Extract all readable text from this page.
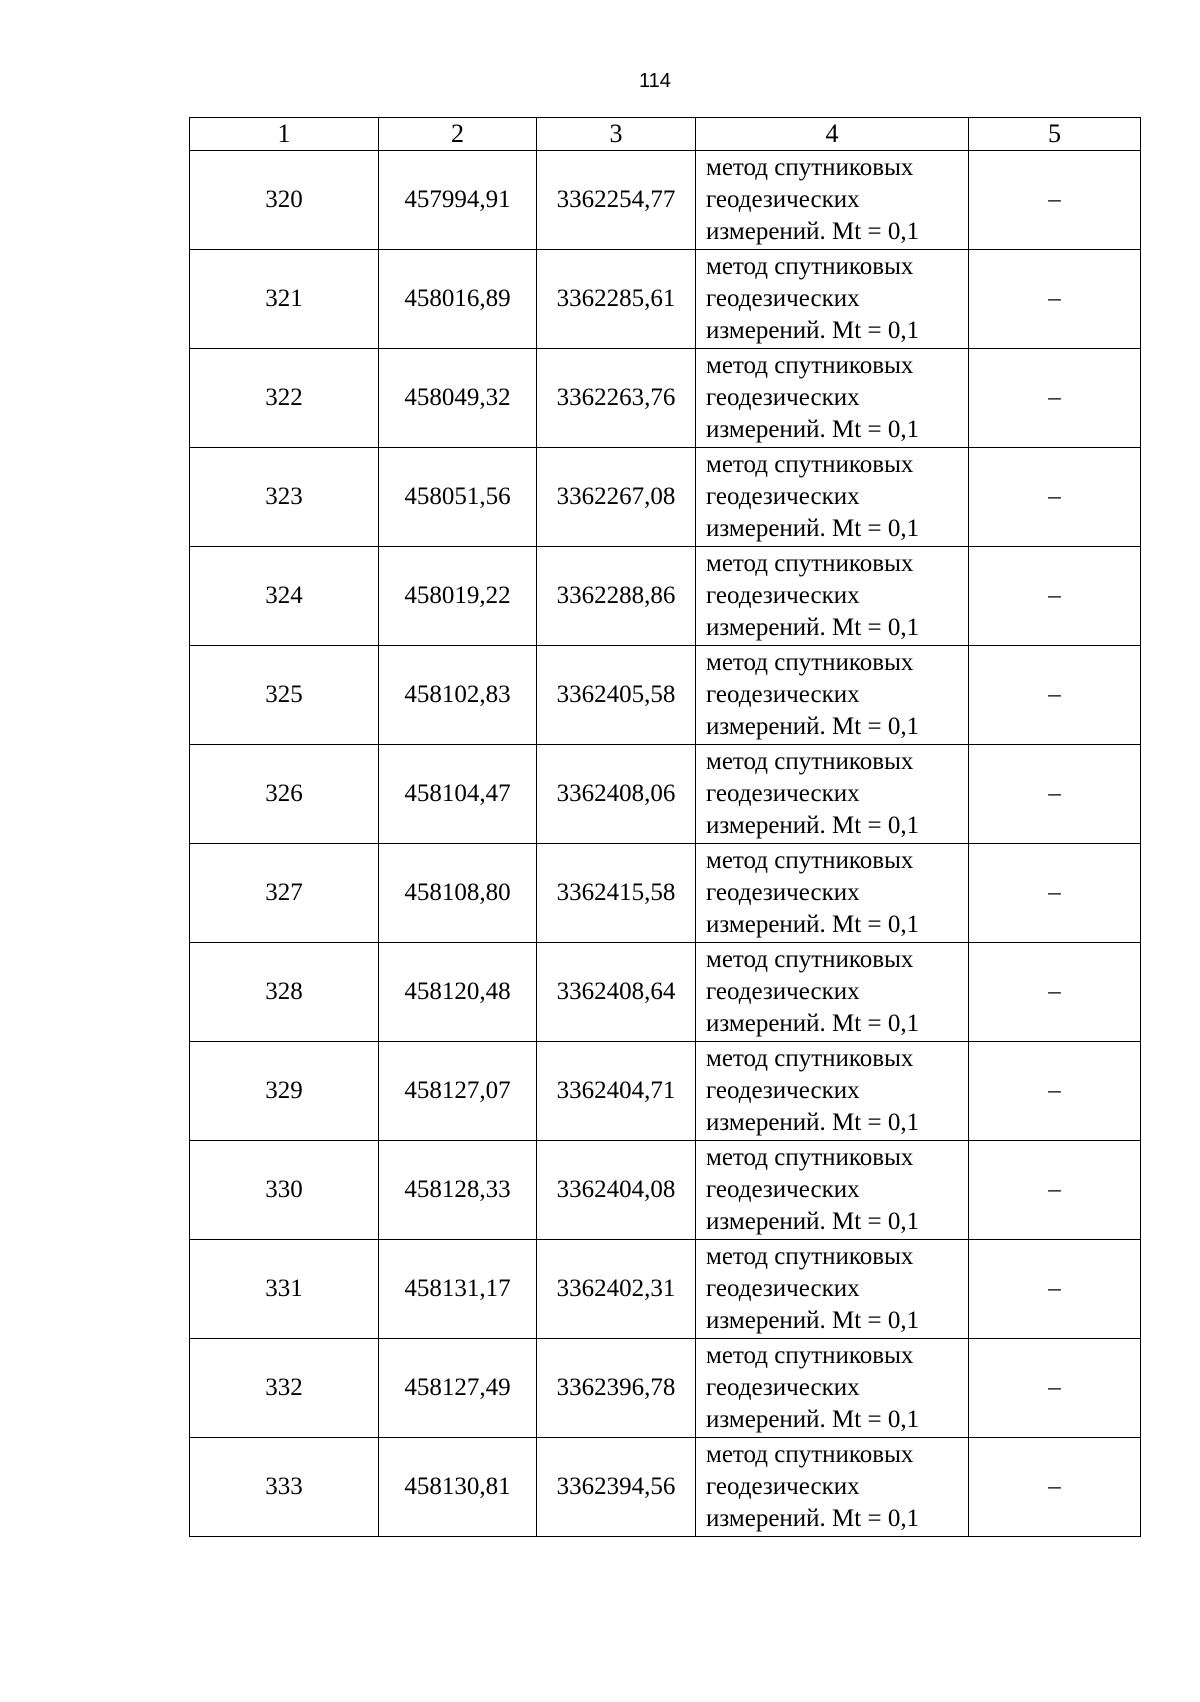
114
1	2	3	4	5
320	457994,91	3362254,77	метод спутниковых
геодезических
измерений. Mt = 0,1	–
321	458016,89	3362285,61	метод спутниковых
геодезических
измерений. Mt = 0,1	–
322	458049,32	3362263,76	метод спутниковых
геодезических
измерений. Mt = 0,1	–
323	458051,56	3362267,08	метод спутниковых
геодезических
измерений. Mt = 0,1	–
324	458019,22	3362288,86	метод спутниковых
геодезических
измерений. Mt = 0,1	–
325	458102,83	3362405,58	метод спутниковых
геодезических
измерений. Mt = 0,1	–
326	458104,47	3362408,06	метод спутниковых
геодезических
измерений. Mt = 0,1	–
327	458108,80	3362415,58	метод спутниковых
геодезических
измерений. Mt = 0,1	–
328	458120,48	3362408,64	метод спутниковых
геодезических
измерений. Mt = 0,1	–
329	458127,07	3362404,71	метод спутниковых
геодезических
измерений. Mt = 0,1	–
330	458128,33	3362404,08	метод спутниковых
геодезических
измерений. Mt = 0,1	–
331	458131,17	3362402,31	метод спутниковых
геодезических
измерений. Mt = 0,1	–
332	458127,49	3362396,78	метод спутниковых
геодезических
измерений. Mt = 0,1	–
333	458130,81	3362394,56	метод спутниковых
геодезических
измерений. Mt = 0,1	–
